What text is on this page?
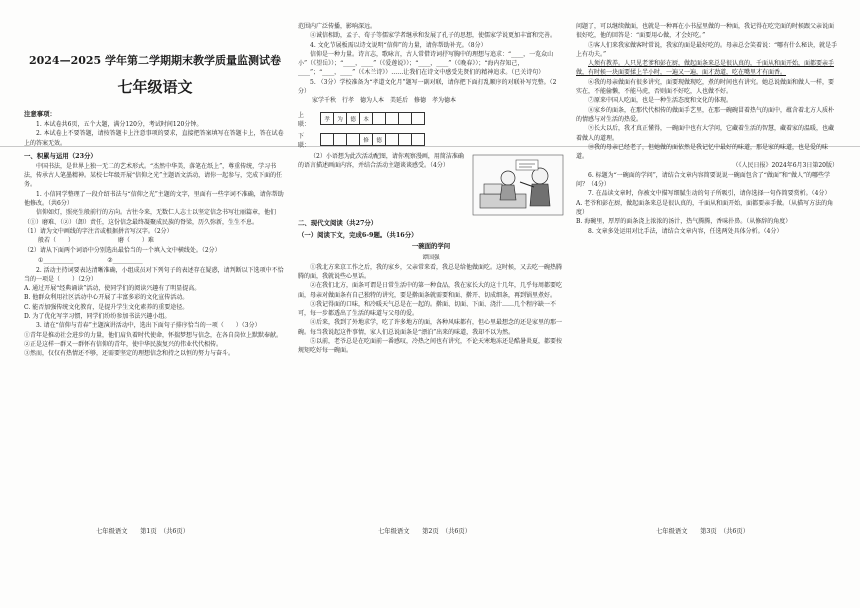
2024—2025 学年第二学期期末教学质量监测试卷
七年级语文
注意事项：

1. 本试卷共6页，五个大题，满分120分，考试时间120分钟。

2. 本试卷上不要答题，请按答题卡上注意事项的要求，直接把答案填写在答题卡上，答在试卷上的答案无效。

一、积累与运用（23分）

中国书法，是世界上独一无二的艺术形式。“杰然中华美，落笔在纸上”，尊重传统，学习书法，传承古人笔墨精神。某校七年级开展“信仰之光”主题语文活动，请你一起参与，完成下面的任务。

1. 小信同学整理了一段介绍书法与“信仰之光”主题的文字，里面有一些字词不准确，请你帮助他修改。（共6分）

信仰如灯，照亮生般前行的方向。古往今来，无数仁人志士以坚定信念书写壮丽篇章，他们（①）磨难、（②）（卸）责任，这份信念最终凝聚成民族的脊梁，历久弥新，生生不息。

（1）请为文中画线的字注音或根据拼音写汉字。（2分）

般若（　　）	磨（　　）难

（2）请从下面两个词语中分别选出最恰当的一个填入文中横线处。（2分）

①__________	②__________

2. 活动主持词要表达清晰准确，小组成员对下列句子的表述存在疑惑，请判断以下选项中不恰当的一项是（　　）（2分）

A. 通过开展“经典诵读”活动，使同学们的阅读兴趣有了明显提高。

B. 他群众利用社区活动中心开展了丰富多彩的文化宣传活动。

C. 能否加强传统文化教育，是提升学生文化素养的重要途径。

D. 为了优化写字习惯，同学们纷纷参加书法兴趣小组。

3. 请在“信仰与青春”主题演讲活动中，选出下面句子排序恰当的一项（　　）（3分）

①青年是推动社会进步的力量，他们肩负着时代使命，怀揣梦想与信念，在各自岗位上默默奉献。

②正是这样一群又一群怀有信仰的青年，使中华民族复兴的伟业代代相传。

③然而，仅仅有热情还不够，还需要坚定的理想信念和持之以恒的努力与奋斗。

七年级语文　　第1页　（共6页）

范围内广泛传播，影响深远。

④诚信相助，孟子、荀子等儒家学者继承和发展了孔子的思想，使儒家学说更加丰富和完善。

4. 文化节展板需以诗文说明“信仰”的力量，请你帮助补充。（8分）

信仰是一种力量。诗言志，歌咏言，古人常借诗词抒写胸中的理想与追求：“____，一览众山小”（《望岳》）；“____，____”（《爱莲说》）；“____，____”（《晚春》）；“海内存知己，____”；“____，____”（《木兰诗》）……让我们在诗文中感受先贤们的精神追求。（已关诗句）

5. （3分）学校准备为“孝道文化月”题写一副对联，请你把下面打乱顺序的对联补写完整。（2分）

家学千秋　行孝　德为人本　美延后　修德　孝为德本

上联：
孝	为	德	本				
下联：
			修	德			

（2）小语想为此次活动配图，请你观察漫画，用简洁准确的语言描述画面内容，并结合活动主题谈谈感受。（4分）

二、现代文阅读（共27分）
（一）阅读下文，完成6-9题。（共16分）
一碗面的学问
谭国强

①我北方来京工作之后，我的家乡，父亲常来看，我总是给他做面吃。这时候，又去吃一碗热腾腾的面，我就说些心里话。

②在我们北方，面条可谓是日常生活中的第一种食品，我在家长大的这十几年，几乎每周都要吃面，母亲对做面条有自己独特的讲究，要是擀面条就需要和面、擀开、切成细条，再到锅里煮好。

③我记得面的口味，和冷暖天气总是在一起的。擀面、切面、下面、浇汁……几个程序缺一不可，每一步都透出了生活的味道与父母的爱。

④后来，我到了外地求学，吃了许多地方的面，各种风味都有，但心里最想念的还是家里的那一碗。每当我说起这件事情，家人们总说面条是“漂泊”出来的味道，我却不以为然。

⑤以前，老爷总是在吃面前一番感叹，冷热之间也有讲究，不论天寒地冻还是酷暑炎夏，都要按规矩吃好每一碗面。

七年级语文　　第2页　（共6页）

问题了，可以继续做面，也就是一种再在小书屋里做的一种面，我记得在吃完面的时候跟父亲说面很好吃，他的回答是：“面要用心做，才会好吃。”

⑤客人们来我家做客时常说，我家的面是最好吃的。母亲总会笑着说：“哪有什么秘诀，就是手上有功夫。”

人须有教养。人只见老爹和彭在厨，做起面条来总是很认真的，千面从和面开始，面都要亲手做，有时候一块面要揉上半小时，一遍又一遍，面才劲道，吃在嘴里才有面香。

⑥我的母亲做面有很多讲究，面要现做现吃，煮的时间也有讲究。她总说做面和做人一样，要实在，不能偷懒，不能马虎，否则面不好吃，人也做不好。

⑦原来中国人吃面，也是一种生活态度和文化的体现。

⑧家乡的面条，在那代代相传的做面手艺里，在那一碗碗冒着热气的面中，蕴含着北方人质朴的情感与对生活的热爱。

⑨长大以后，我才真正懂得，一碗面中也有大学问，它藏着生活的智慧，藏着家的温暖，也藏着做人的道理。

⑩我的母亲已经老了，但她做的面依然是我记忆中最好的味道，那是家的味道，也是爱的味道。

（《人民日报》2024年6月3日第20版）

6. 标题为“一碗面的学问”，请结合文章内容简要说说一碗面包含了“做面”和“做人”的哪些学问？（4分）

7. 在品读文章时，你被文中描写细腻生动的句子所吸引，请你选择一句作简要赏析。（4分）

A. 老爷和彭在厨，做起面条来总是很认真的，千面从和面开始，面都要亲手做。（从描写方法的角度）

B. 海碗里，厚厚的面条浇上浓浓的汤汁，热气腾腾，香味扑鼻。（从修辞的角度）

8. 文章多处运用对比手法，请结合文章内容，任选两处具体分析。（4分）

七年级语文　　第3页　（共6页）
